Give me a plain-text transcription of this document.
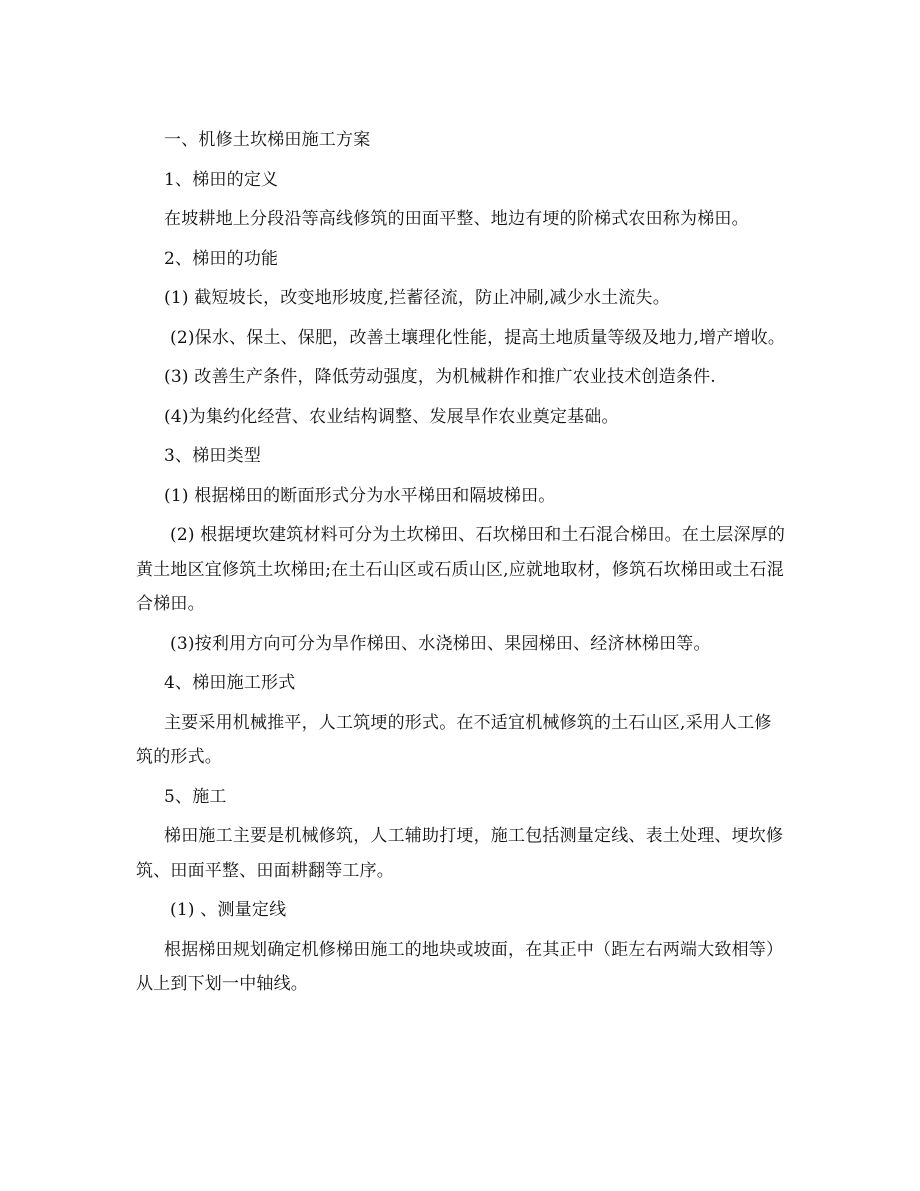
一、机修土坎梯田施工方案

1、梯田的定义

在坡耕地上分段沿等高线修筑的田面平整、地边有埂的阶梯式农田称为梯田。

2、梯田的功能

(1) 截短坡长，改变地形坡度,拦蓄径流，防止冲刷,减少水土流失。

(2)保水、保土、保肥，改善土壤理化性能，提高土地质量等级及地力,增产增收。

(3) 改善生产条件，降低劳动强度，为机械耕作和推广农业技术创造条件.

(4)为集约化经营、农业结构调整、发展旱作农业奠定基础。

3、梯田类型

(1) 根据梯田的断面形式分为水平梯田和隔坡梯田。

(2) 根据埂坎建筑材料可分为土坎梯田、石坎梯田和土石混合梯田。在土层深厚的黄土地区宜修筑土坎梯田;在土石山区或石质山区,应就地取材，修筑石坎梯田或土石混合梯田。

(3)按利用方向可分为旱作梯田、水浇梯田、果园梯田、经济林梯田等。

4、梯田施工形式

主要采用机械推平，人工筑埂的形式。在不适宜机械修筑的土石山区,采用人工修筑的形式。

5、施工

梯田施工主要是机械修筑，人工辅助打埂，施工包括测量定线、表土处理、埂坎修筑、田面平整、田面耕翻等工序。

(1) 、测量定线

根据梯田规划确定机修梯田施工的地块或坡面，在其正中（距左右两端大致相等）从上到下划一中轴线。
